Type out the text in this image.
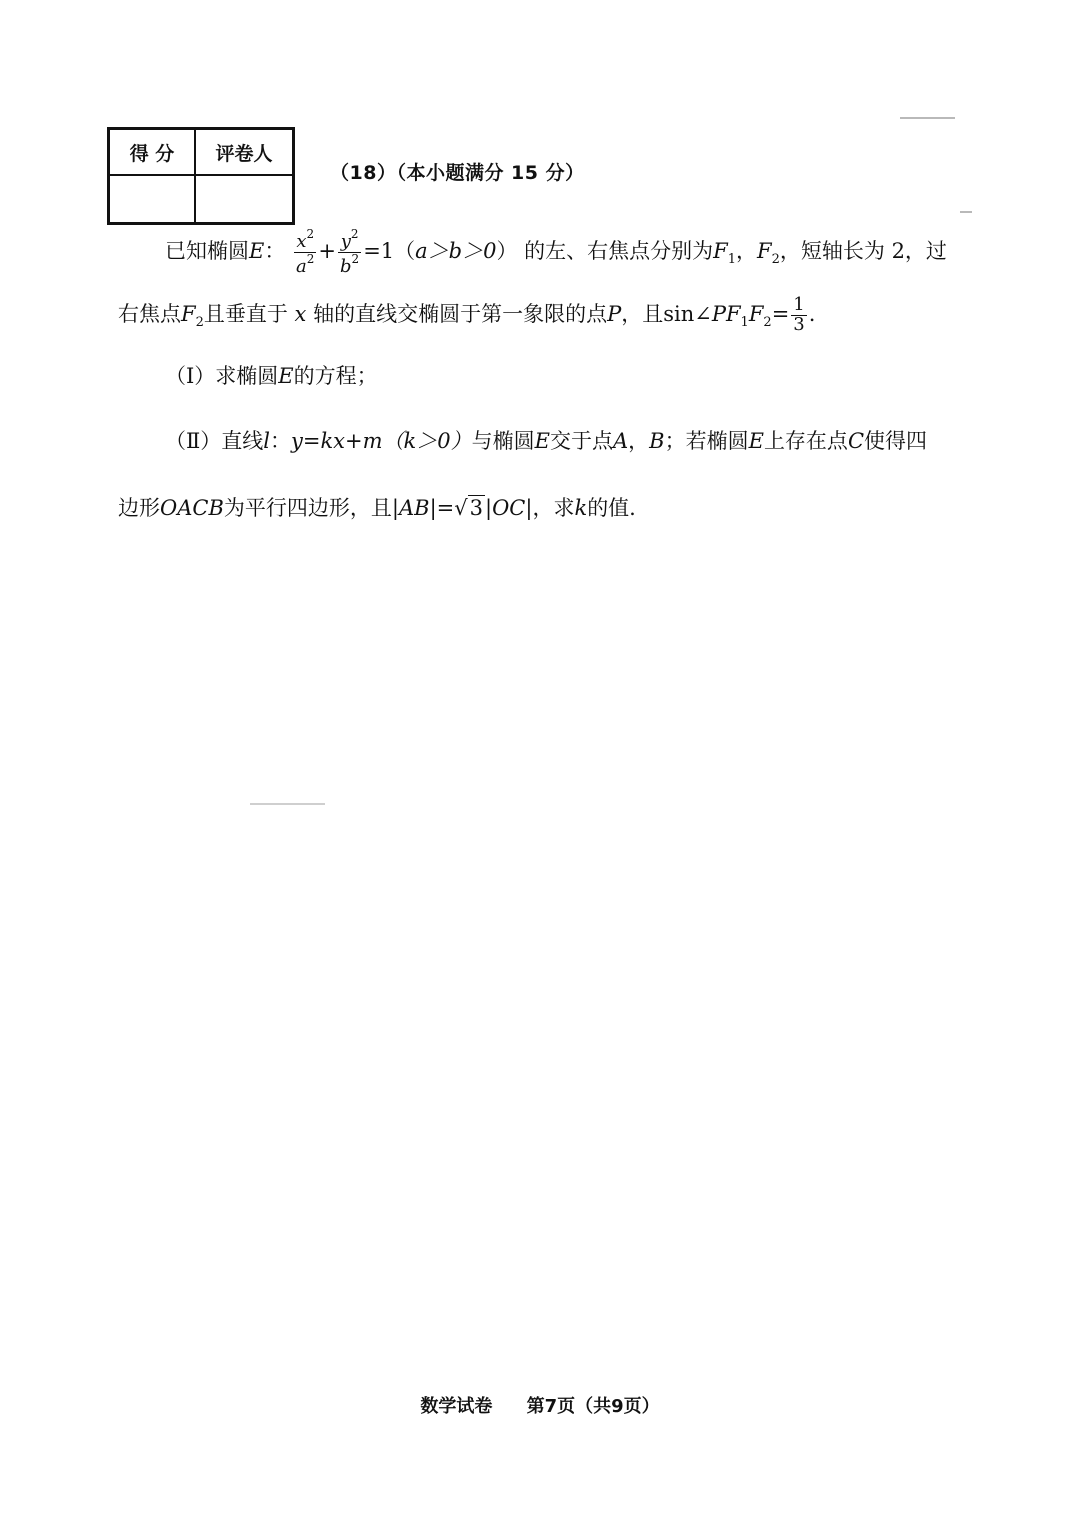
得 分	评卷人

（18）（本小题满分 15 分）
已知椭圆E： $\frac{x^2}{a^2} + \frac{y^2}{b^2} =1(a>b>0)$ 的左、右焦点分别为$F_1$，$F_2$，短轴长为 2，过
右焦点$F_2$且垂直于 x 轴的直线交椭圆于第一象限的点P，且$\sin\angle PF_1F_2= \frac{1}{3}$ .
（Ⅰ）求椭圆E的方程；
（Ⅱ）直线l：y=kx+m（k＞0）与椭圆E交于点A，B；若椭圆E上存在点C使得四
边形OACB为平行四边形，且|AB|=√3|OC|，求k的值.
数学试卷 第7页（共9页）
